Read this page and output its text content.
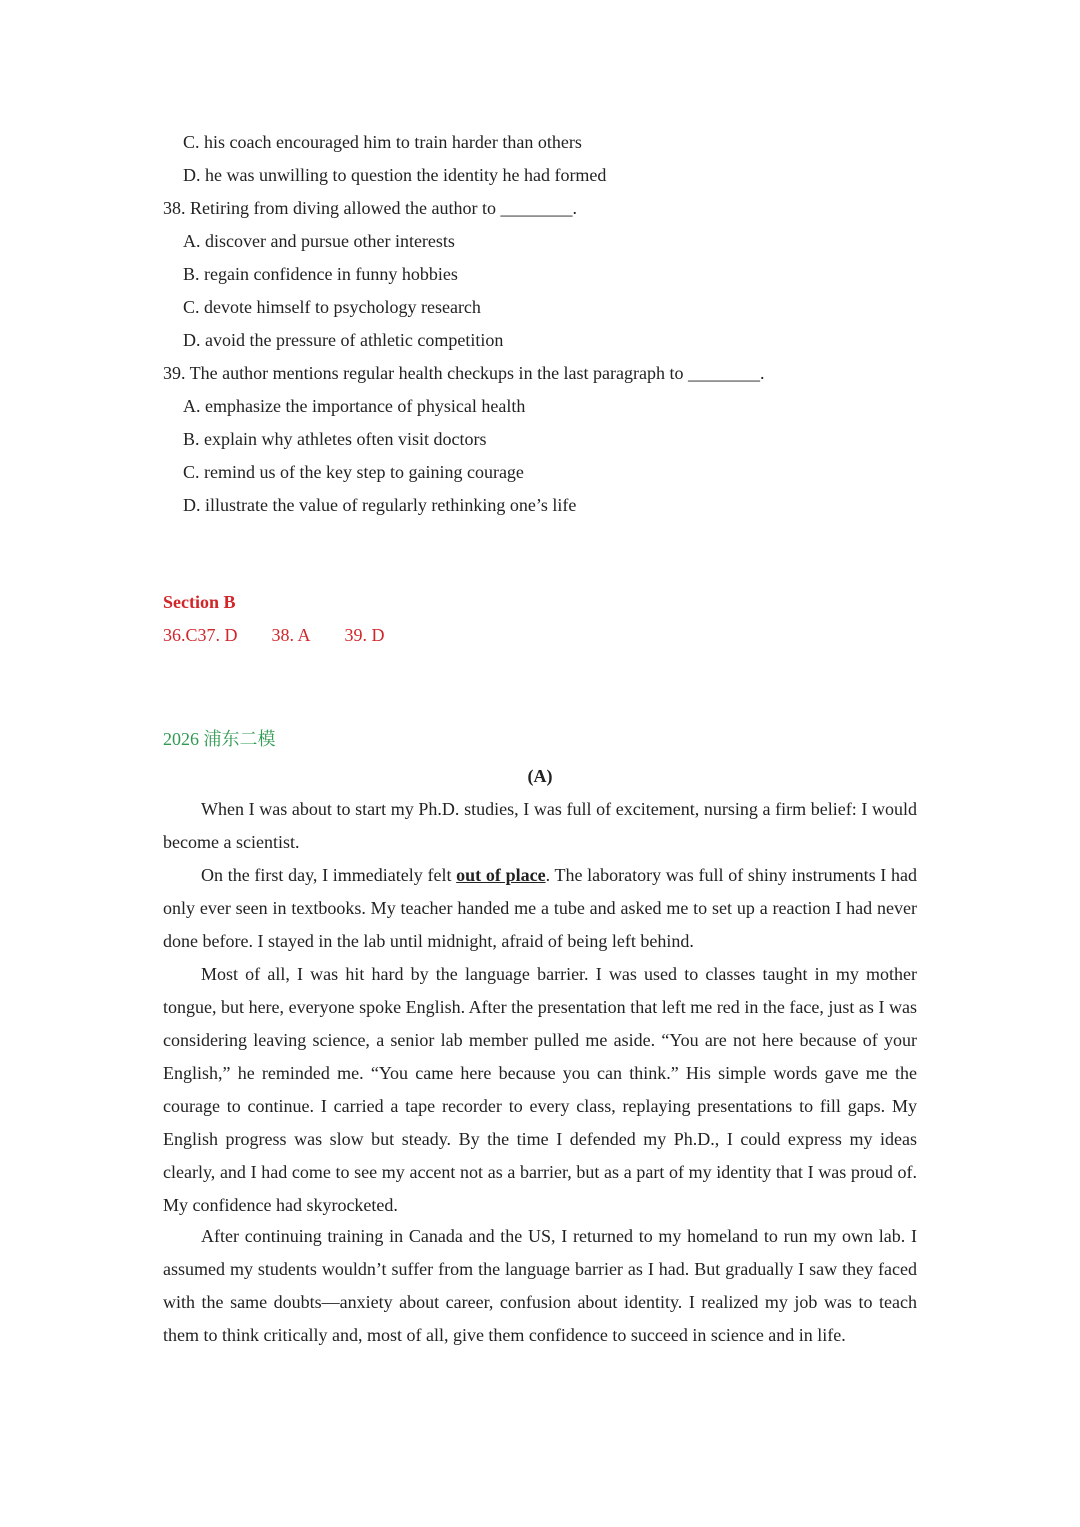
C. his coach encouraged him to train harder than others
D. he was unwilling to question the identity he had formed
38. Retiring from diving allowed the author to ________.
A. discover and pursue other interests
B. regain confidence in funny hobbies
C. devote himself to psychology research
D. avoid the pressure of athletic competition
39. The author mentions regular health checkups in the last paragraph to ________.
A. emphasize the importance of physical health
B. explain why athletes often visit doctors
C. remind us of the key step to gaining courage
D. illustrate the value of regularly rethinking one’s life
Section B
36.C37. D 38. A 39. D
2026 浦东二模
(A)

When I was about to start my Ph.D. studies, I was full of excitement, nursing a firm belief: I would become a scientist.

On the first day, I immediately felt out of place. The laboratory was full of shiny instruments I had only ever seen in textbooks. My teacher handed me a tube and asked me to set up a reaction I had never done before. I stayed in the lab until midnight, afraid of being left behind.

Most of all, I was hit hard by the language barrier. I was used to classes taught in my mother tongue, but here, everyone spoke English. After the presentation that left me red in the face, just as I was considering leaving science, a senior lab member pulled me aside. “You are not here because of your English,” he reminded me. “You came here because you can think.” His simple words gave me the courage to continue. I carried a tape recorder to every class, replaying presentations to fill gaps. My English progress was slow but steady. By the time I defended my Ph.D., I could express my ideas clearly, and I had come to see my accent not as a barrier, but as a part of my identity that I was proud of. My confidence had skyrocketed.

After continuing training in Canada and the US, I returned to my homeland to run my own lab. I assumed my students wouldn’t suffer from the language barrier as I had. But gradually I saw they faced with the same doubts—anxiety about career, confusion about identity. I realized my job was to teach them to think critically and, most of all, give them confidence to succeed in science and in life.
